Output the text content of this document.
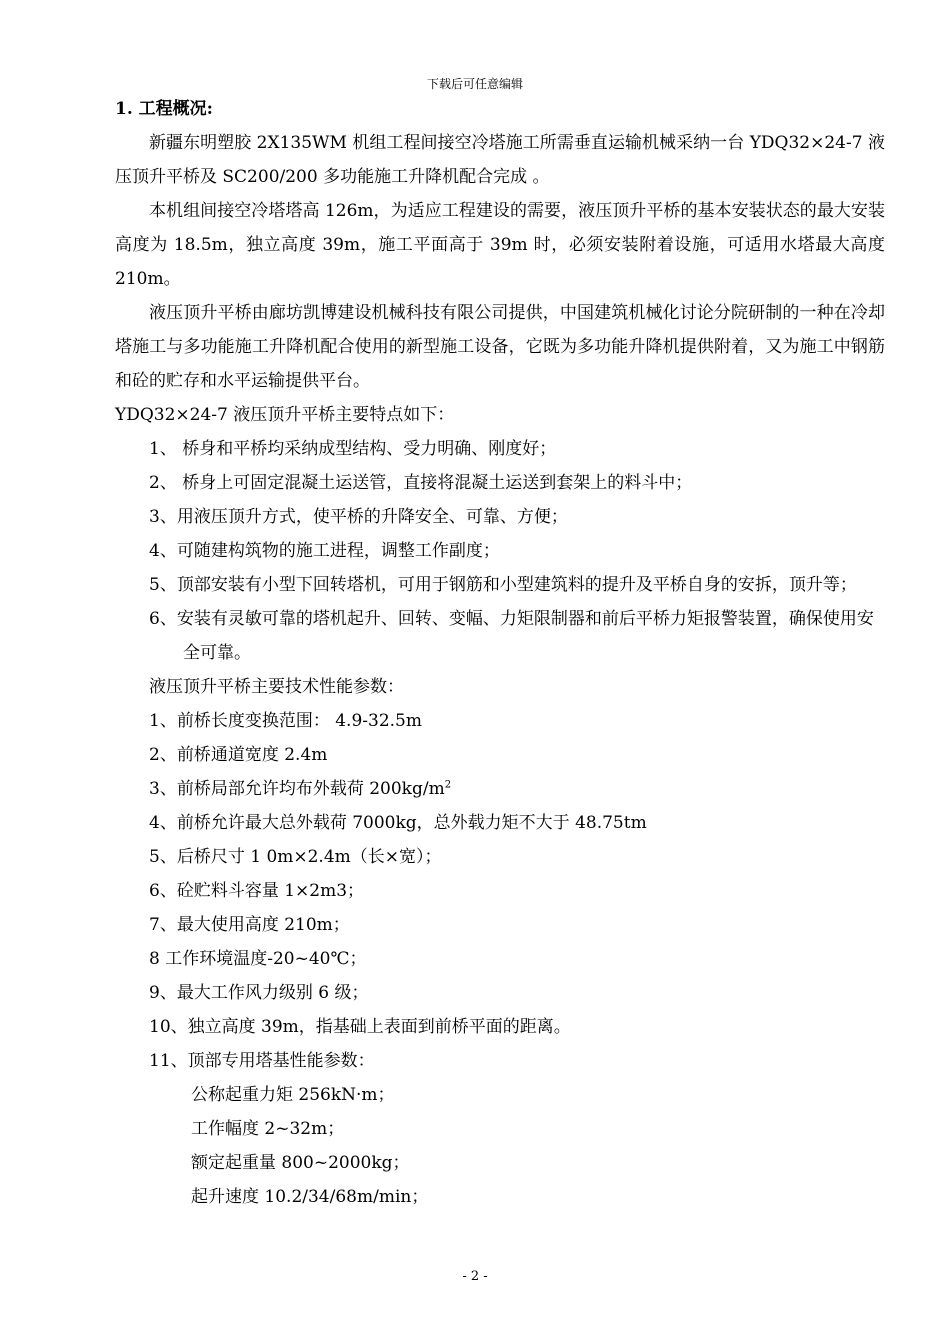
下载后可任意编辑

1. 工程概况:

新疆东明塑胶 2X135WM 机组工程间接空冷塔施工所需垂直运输机械采纳一台 YDQ32×24-7 液压顶升平桥及 SC200/200 多功能施工升降机配合完成 。

本机组间接空冷塔塔高 126m，为适应工程建设的需要，液压顶升平桥的基本安装状态的最大安装高度为 18.5m，独立高度 39m，施工平面高于 39m 时，必须安装附着设施，可适用水塔最大高度 210m。

液压顶升平桥由廊坊凯博建设机械科技有限公司提供，中国建筑机械化讨论分院研制的一种在冷却塔施工与多功能施工升降机配合使用的新型施工设备，它既为多功能升降机提供附着，又为施工中钢筋和砼的贮存和水平运输提供平台。

YDQ32×24-7 液压顶升平桥主要特点如下：

1、 桥身和平桥均采纳成型结构、受力明确、刚度好；

2、 桥身上可固定混凝土运送管，直接将混凝土运送到套架上的料斗中；

3、用液压顶升方式，使平桥的升降安全、可靠、方便；

4、可随建构筑物的施工进程，调整工作副度；

5、顶部安装有小型下回转塔机，可用于钢筋和小型建筑料的提升及平桥自身的安拆，顶升等；

6、安装有灵敏可靠的塔机起升、回转、变幅、力矩限制器和前后平桥力矩报警装置，确保使用安全可靠。

液压顶升平桥主要技术性能参数：

1、前桥长度变换范围： 4.9-32.5m

2、前桥通道宽度 2.4m

3、前桥局部允许均布外载荷 $200kg/m^2$

4、前桥允许最大总外载荷 7000kg，总外载力矩不大于 48.75tm

5、后桥尺寸 1 0m×2.4m（长×宽）；

6、砼贮料斗容量 1×2m3；

7、最大使用高度 210m；

8 工作环境温度-20~40℃；

9、最大工作风力级别 6 级；

10、独立高度 39m，指基础上表面到前桥平面的距离。

11、顶部专用塔基性能参数：

公称起重力矩 256kN·m；

工作幅度 2~32m；

额定起重量 800~2000kg；

起升速度 10.2/34/68m/min；

- 2 -
